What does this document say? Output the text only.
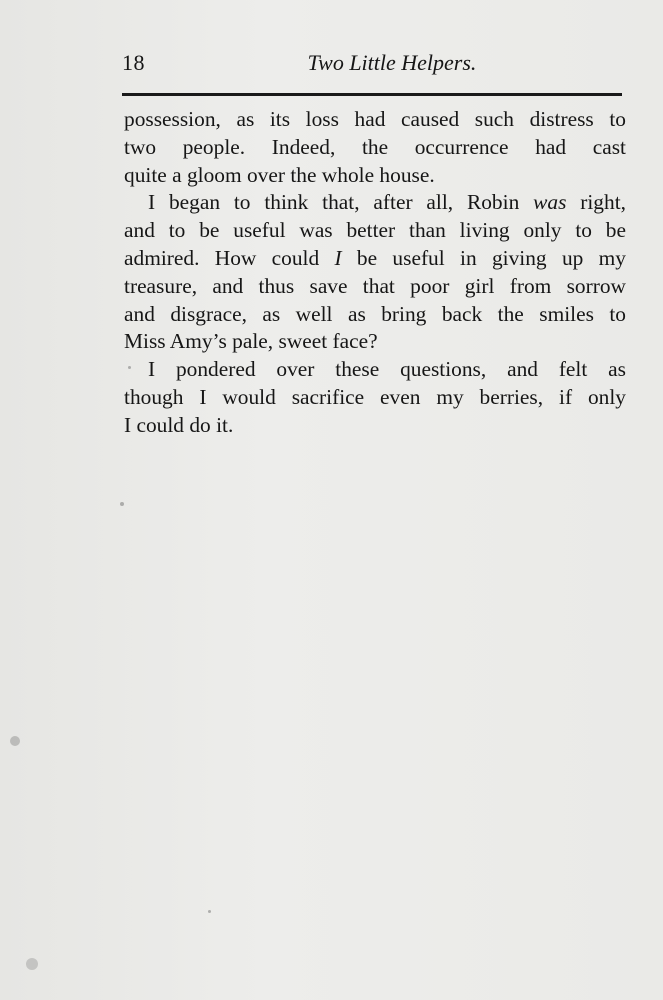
18	Two Little Helpers.

possession, as its loss had caused such distress to
two people. Indeed, the occurrence had cast
quite a gloom over the whole house.

I began to think that, after all, Robin was right,
and to be useful was better than living only to be
admired. How could I be useful in giving up my
treasure, and thus save that poor girl from sorrow
and disgrace, as well as bring back the smiles to
Miss Amy’s pale, sweet face?

I pondered over these questions, and felt as
though I would sacrifice even my berries, if only
I could do it.
